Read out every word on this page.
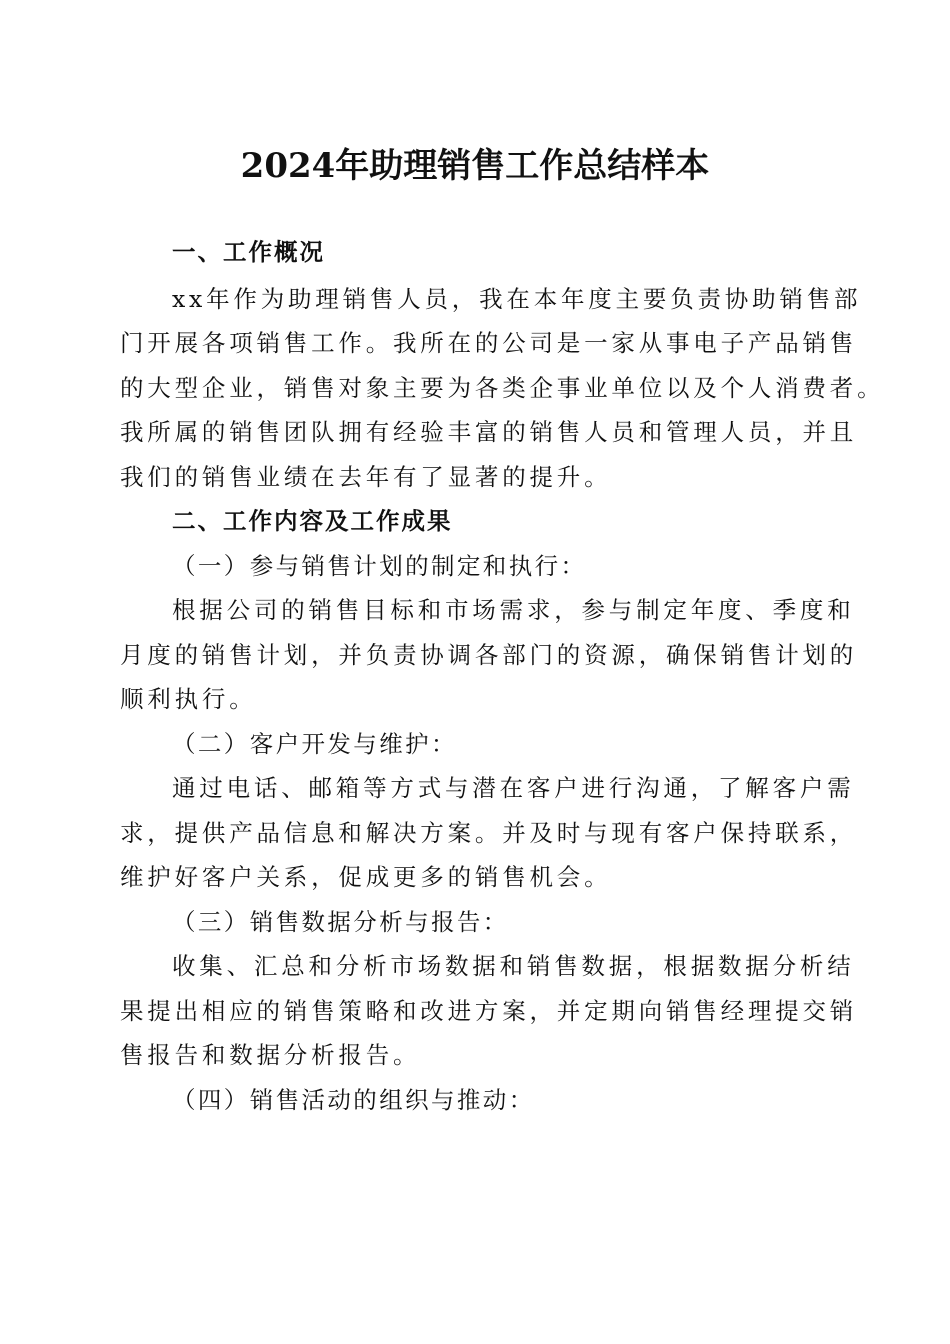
2024年助理销售工作总结样本
一、工作概况
xx年作为助理销售人员，我在本年度主要负责协助销售部
门开展各项销售工作。我所在的公司是一家从事电子产品销售
的大型企业，销售对象主要为各类企事业单位以及个人消费者。
我所属的销售团队拥有经验丰富的销售人员和管理人员，并且
我们的销售业绩在去年有了显著的提升。
二、工作内容及工作成果
（一）参与销售计划的制定和执行：
根据公司的销售目标和市场需求，参与制定年度、季度和
月度的销售计划，并负责协调各部门的资源，确保销售计划的
顺利执行。
（二）客户开发与维护：
通过电话、邮箱等方式与潜在客户进行沟通，了解客户需
求，提供产品信息和解决方案。并及时与现有客户保持联系，
维护好客户关系，促成更多的销售机会。
（三）销售数据分析与报告：
收集、汇总和分析市场数据和销售数据，根据数据分析结
果提出相应的销售策略和改进方案，并定期向销售经理提交销
售报告和数据分析报告。
（四）销售活动的组织与推动：
